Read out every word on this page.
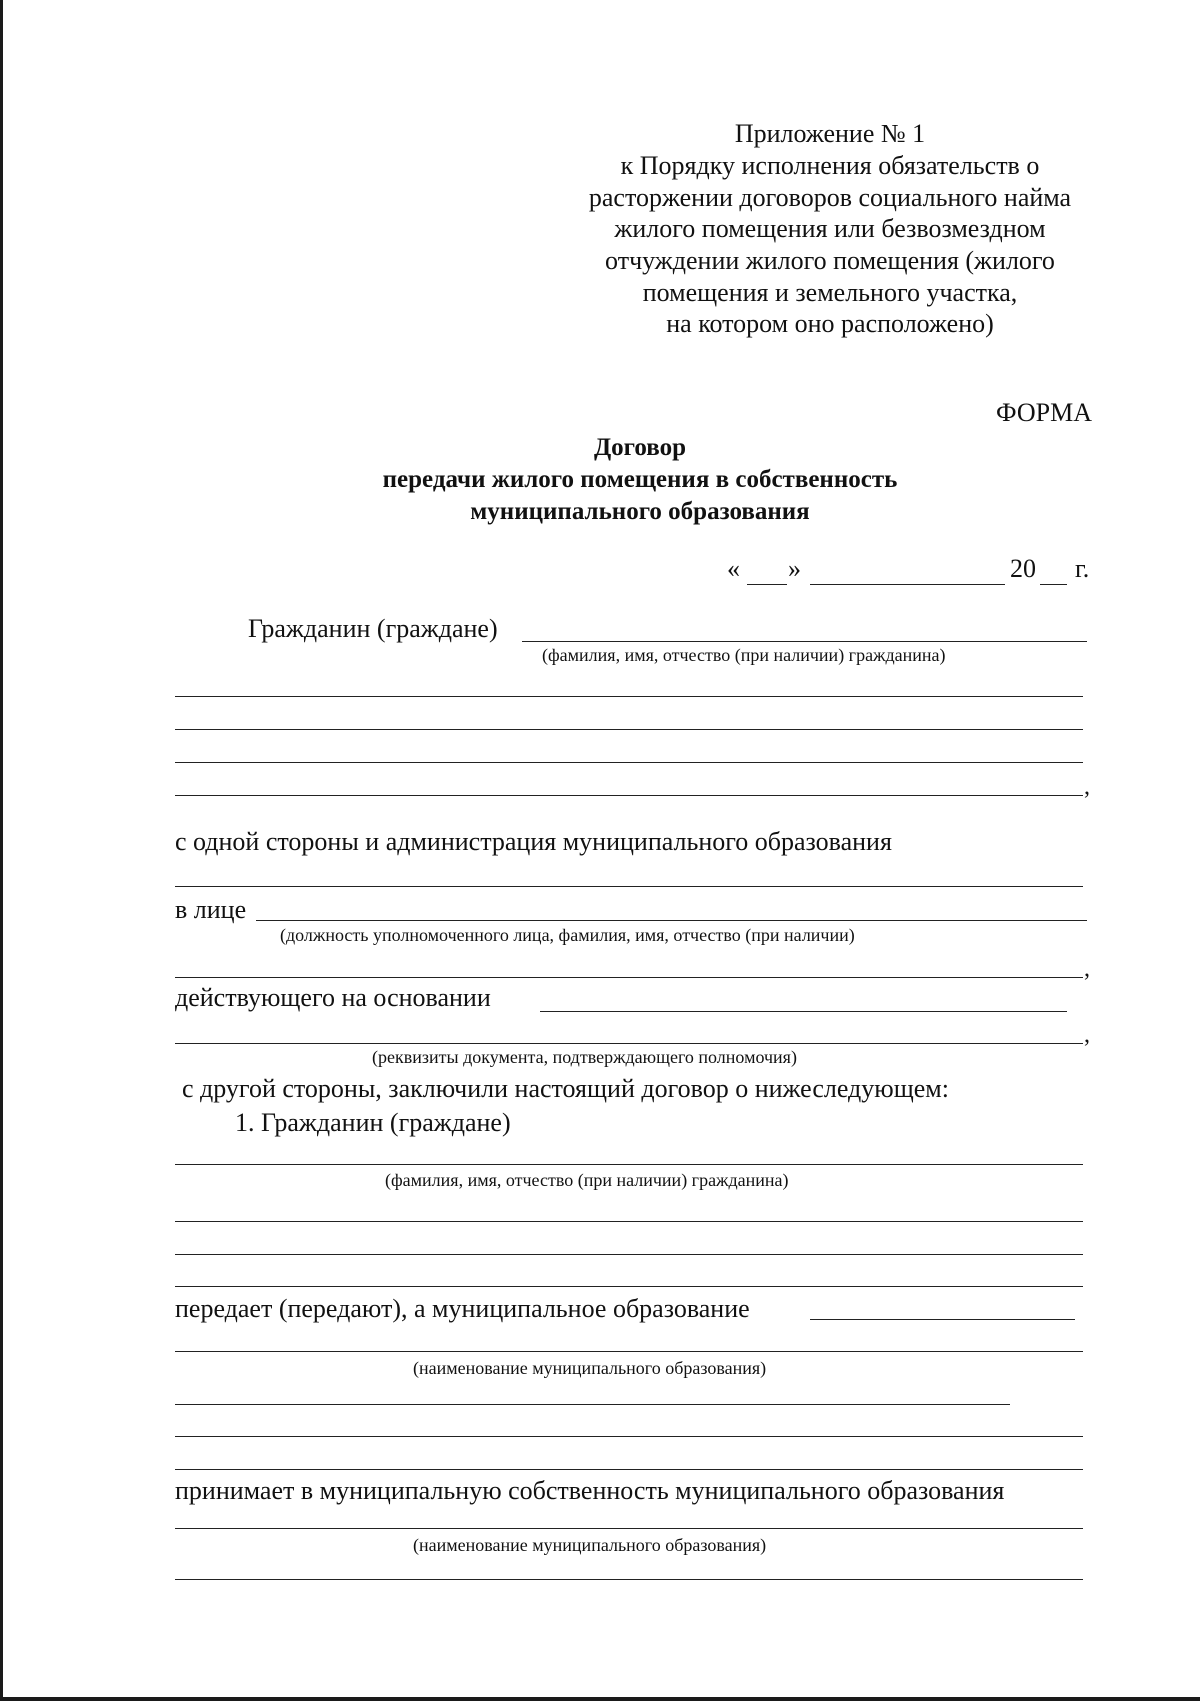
Приложение № 1
к Порядку исполнения обязательств о
расторжении договоров социального найма
жилого помещения или безвозмездном
отчуждении жилого помещения (жилого
помещения и земельного участка,
на котором оно расположено)
ФОРМА
Договор
передачи жилого помещения в собственность
муниципального образования
« »	20 г.
Гражданин (граждане)
(фамилия, имя, отчество (при наличии) гражданина)
,
с одной стороны и администрация муниципального образования
в лице
(должность уполномоченного лица, фамилия, имя, отчество (при наличии)
,
действующего на основании
,
(реквизиты документа, подтверждающего полномочия)
с другой стороны, заключили настоящий договор о нижеследующем:
1. Гражданин (граждане)
(фамилия, имя, отчество (при наличии) гражданина)
передает (передают), а муниципальное образование
(наименование муниципального образования)
принимает в муниципальную собственность муниципального образования
(наименование муниципального образования)
